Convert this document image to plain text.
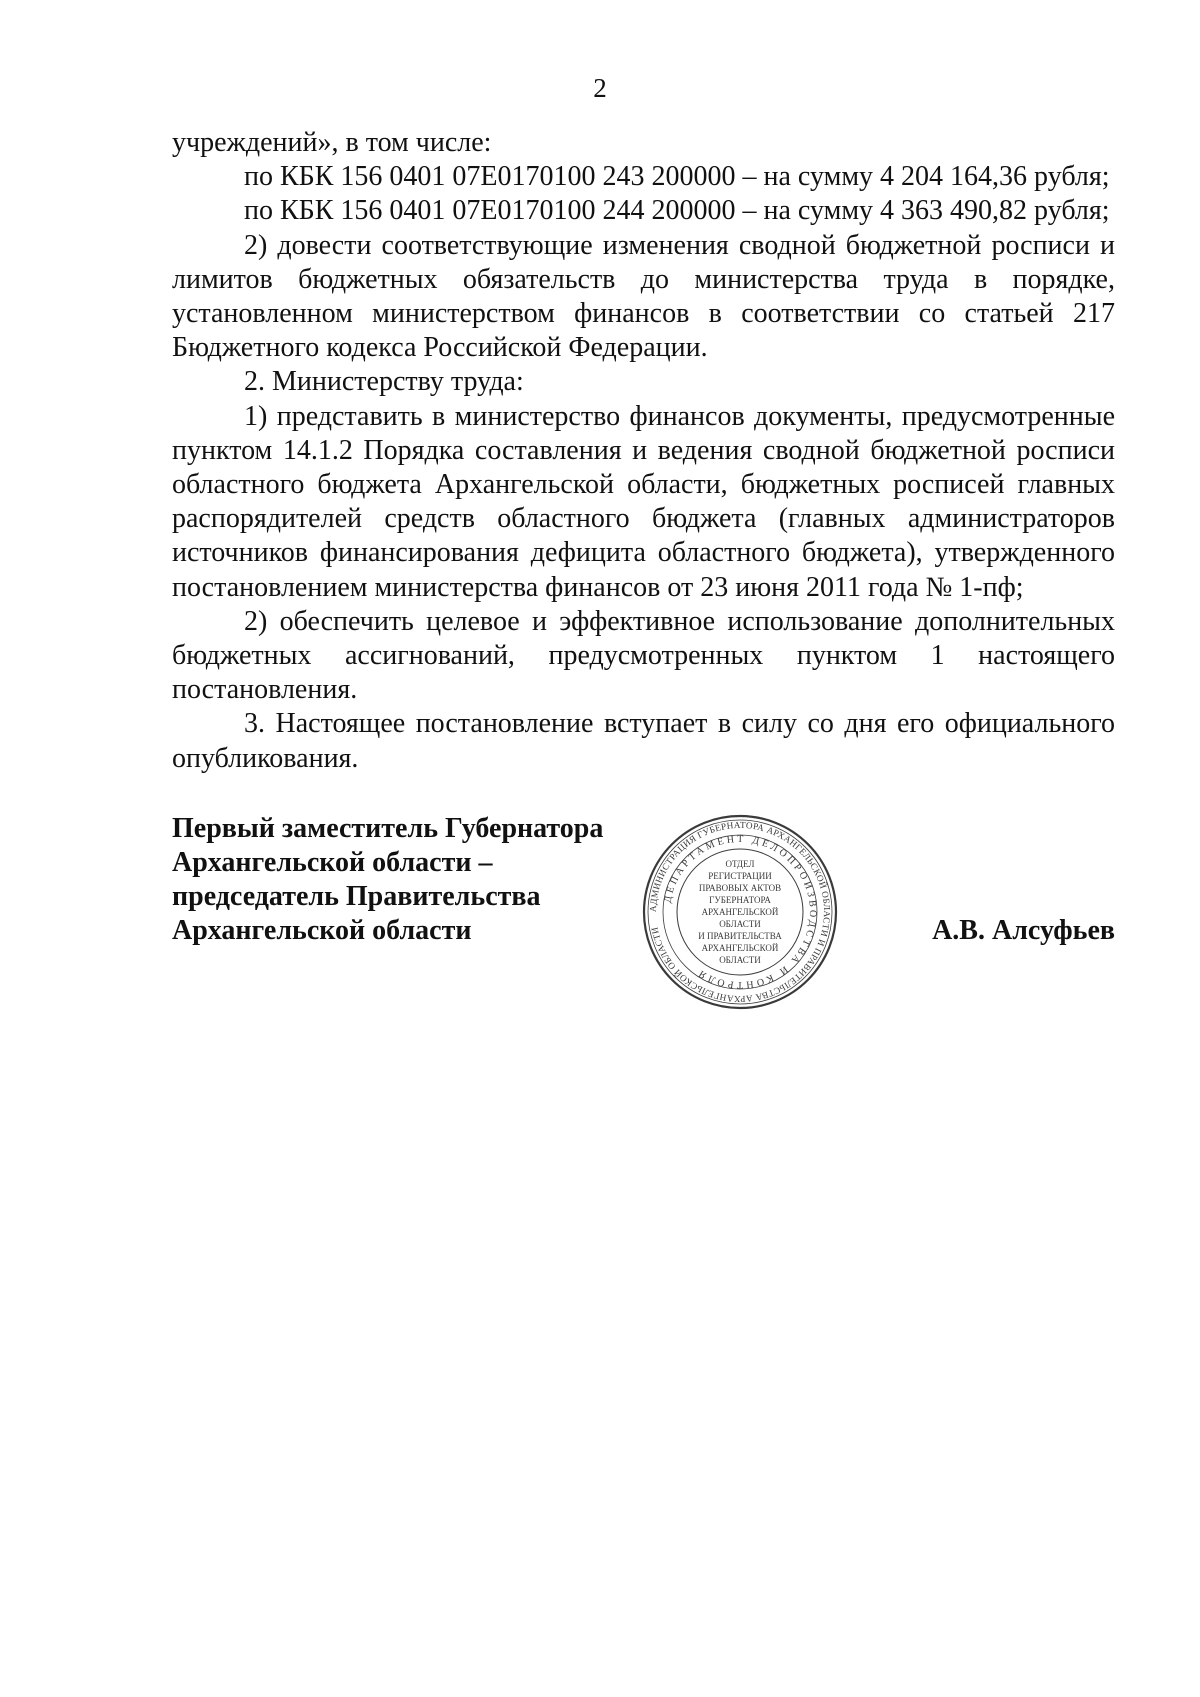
2

учреждений», в том числе:

по КБК 156 0401 07Е0170100 243 200000 – на сумму 4 204 164,36 рубля;

по КБК 156 0401 07Е0170100 244 200000 – на сумму 4 363 490,82 рубля;

2) довести соответствующие изменения сводной бюджетной росписи и лимитов бюджетных обязательств до министерства труда в порядке, установленном министерством финансов в соответствии со статьей 217 Бюджетного кодекса Российской Федерации.

2. Министерству труда:

1) представить в министерство финансов документы, предусмотренные пунктом 14.1.2 Порядка составления и ведения сводной бюджетной росписи областного бюджета Архангельской области, бюджетных росписей главных распорядителей средств областного бюджета (главных администраторов источников финансирования дефицита областного бюджета), утвержденного постановлением министерства финансов от 23 июня 2011 года № 1-пф;

2) обеспечить целевое и эффективное использование дополнительных бюджетных ассигнований, предусмотренных пунктом 1 настоящего постановления.

3. Настоящее постановление вступает в силу со дня его официального опубликования.

Первый заместитель Губернатора
Архангельской области –
председатель Правительства
Архангельской области
АДМИНИСТРАЦИЯ ГУБЕРНАТОРА АРХАНГЕЛЬСКОЙ ОБЛАСТИ И ПРАВИТЕЛЬСТВА АРХАНГЕЛЬСКОЙ ОБЛАСТИ
ДЕПАРТАМЕНТ ДЕЛОПРОИЗВОДСТВА И КОНТРОЛЯ
ОТДЕЛ
РЕГИСТРАЦИИ
ПРАВОВЫХ АКТОВ
ГУБЕРНАТОРА
АРХАНГЕЛЬСКОЙ
ОБЛАСТИ
И ПРАВИТЕЛЬСТВА
АРХАНГЕЛЬСКОЙ
ОБЛАСТИ
А.В. Алсуфьев
